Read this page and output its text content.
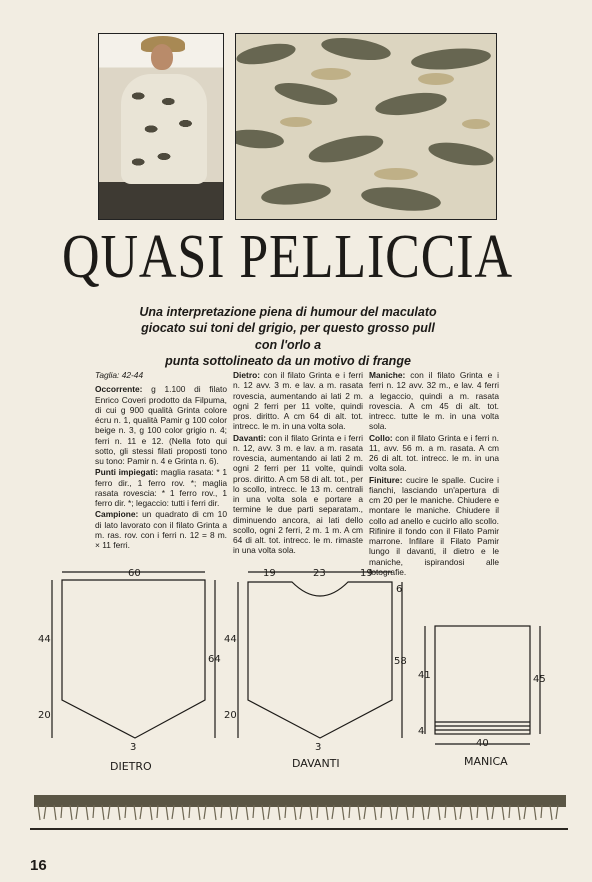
QUASI PELLICCIA
Una interpretazione piena di humour del maculato
giocato sui toni del grigio, per questo grosso pull con l'orlo a
punta sottolineato da un motivo di frange

Taglia: 42-44

Occorrente: g 1.100 di filato Enrico Coveri prodotto da Filpuma, di cui g 900 qualità Grinta colore écru n. 1, qualità Pamir g 100 color beige n. 3, g 100 color grigio n. 4; ferri n. 11 e 12. (Nella foto qui sotto, gli stessi filati proposti tono su tono: Pamir n. 4 e Grinta n. 6).

Punti impiegati: maglia rasata: * 1 ferro dir., 1 ferro rov. *; maglia rasata rovescia: * 1 ferro rov., 1 ferro dir. *; legaccio: tutti i ferri dir.

Campione: un quadrato di cm 10 di lato lavorato con il filato Grinta a m. ras. rov. con i ferri n. 12 = 8 m. × 11 ferri.

Dietro: con il filato Grinta e i ferri n. 12 avv. 3 m. e lav. a m. rasata rovescia, aumentando ai lati 2 m. ogni 2 ferri per 11 volte, quindi pros. diritto. A cm 64 di alt. tot. intrecc. le m. in una volta sola.

Davanti: con il filato Grinta e i ferri n. 12, avv. 3 m. e lav. a m. rasata rovescia, aumentando ai lati 2 m. ogni 2 ferri per 11 volte, quindi pros. diritto. A cm 58 di alt. tot., per lo scollo, intrecc. le 13 m. centrali in una volta sola e portare a termine le due parti separatam., diminuendo ancora, ai lati dello scollo, ogni 2 ferri, 2 m. 1 m. A cm 64 di alt. tot. intrecc. le m. rimaste in una volta sola.

Maniche: con il filato Grinta e i ferri n. 12 avv. 32 m., e lav. 4 ferri a legaccio, quindi a m. rasata rovescia. A cm 45 di alt. tot. intrecc. tutte le m. in una volta sola.

Collo: con il filato Grinta e i ferri n. 11, avv. 56 m. a m. rasata. A cm 26 di alt. tot. intrecc. le m. in una volta sola.

Finiture: cucire le spalle. Cucire i fianchi, lasciando un'apertura di cm 20 per le maniche. Chiudere e montare le maniche. Chiudere il collo ad anello e cucirlo allo scollo. Rifinire il fondo con il Filato Pamir marrone. Infilare il Filato Pamir lungo il davanti, il dietro e le maniche, ispirandosi alle fotografie.

60
44
20
64
3
DIETRO
19	23	19
6
44
20
58
3
DAVANTI
41
4
45
40
MANICA
16
